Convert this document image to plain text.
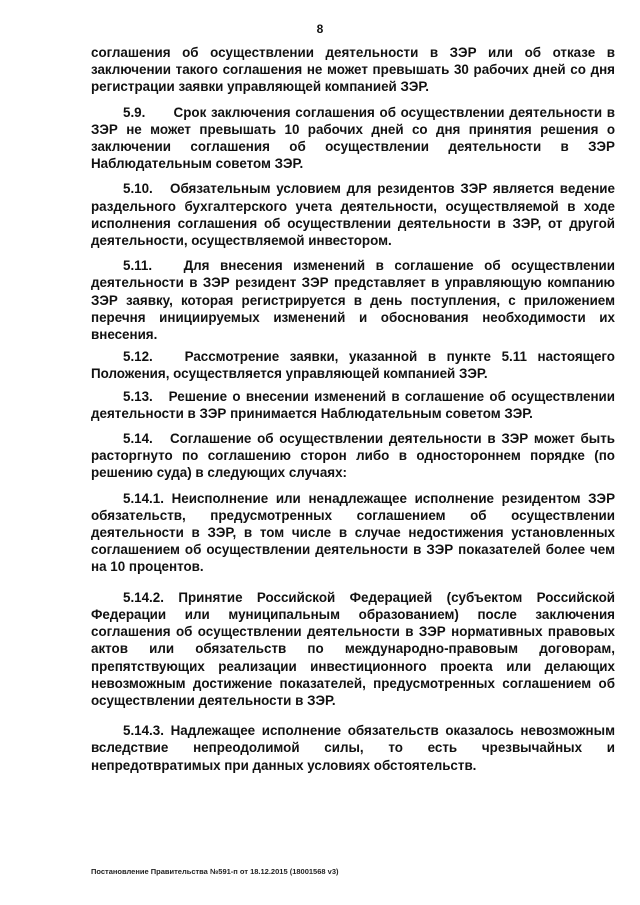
8

соглашения об осуществлении деятельности в ЗЭР или об отказе в заключении такого соглашения не может превышать 30 рабочих дней со дня регистрации заявки управляющей компанией ЗЭР.

5.9. Срок заключения соглашения об осуществлении деятельности в ЗЭР не может превышать 10 рабочих дней со дня принятия решения о заключении соглашения об осуществлении деятельности в ЗЭР Наблюдательным советом ЗЭР.

5.10. Обязательным условием для резидентов ЗЭР является ведение раздельного бухгалтерского учета деятельности, осуществляемой в ходе исполнения соглашения об осуществлении деятельности в ЗЭР, от другой деятельности, осуществляемой инвестором.

5.11. Для внесения изменений в соглашение об осуществлении деятельности в ЗЭР резидент ЗЭР представляет в управляющую компанию ЗЭР заявку, которая регистрируется в день поступления, с приложением перечня инициируемых изменений и обоснования необходимости их внесения.

5.12. Рассмотрение заявки, указанной в пункте 5.11 настоящего Положения, осуществляется управляющей компанией ЗЭР.

5.13. Решение о внесении изменений в соглашение об осуществлении деятельности в ЗЭР принимается Наблюдательным советом ЗЭР.

5.14. Соглашение об осуществлении деятельности в ЗЭР может быть расторгнуто по соглашению сторон либо в одностороннем порядке (по решению суда) в следующих случаях:

5.14.1. Неисполнение или ненадлежащее исполнение резидентом ЗЭР обязательств, предусмотренных соглашением об осуществлении деятельности в ЗЭР, в том числе в случае недостижения установленных соглашением об осуществлении деятельности в ЗЭР показателей более чем на 10 процентов.

5.14.2. Принятие Российской Федерацией (субъектом Российской Федерации или муниципальным образованием) после заключения соглашения об осуществлении деятельности в ЗЭР нормативных правовых актов или обязательств по международно-правовым договорам, препятствующих реализации инвестиционного проекта или делающих невозможным достижение показателей, предусмотренных соглашением об осуществлении деятельности в ЗЭР.

5.14.3. Надлежащее исполнение обязательств оказалось невозможным вследствие непреодолимой силы, то есть чрезвычайных и непредотвратимых при данных условиях обстоятельств.

Постановление Правительства №591-п от 18.12.2015 (18001568 v3)
